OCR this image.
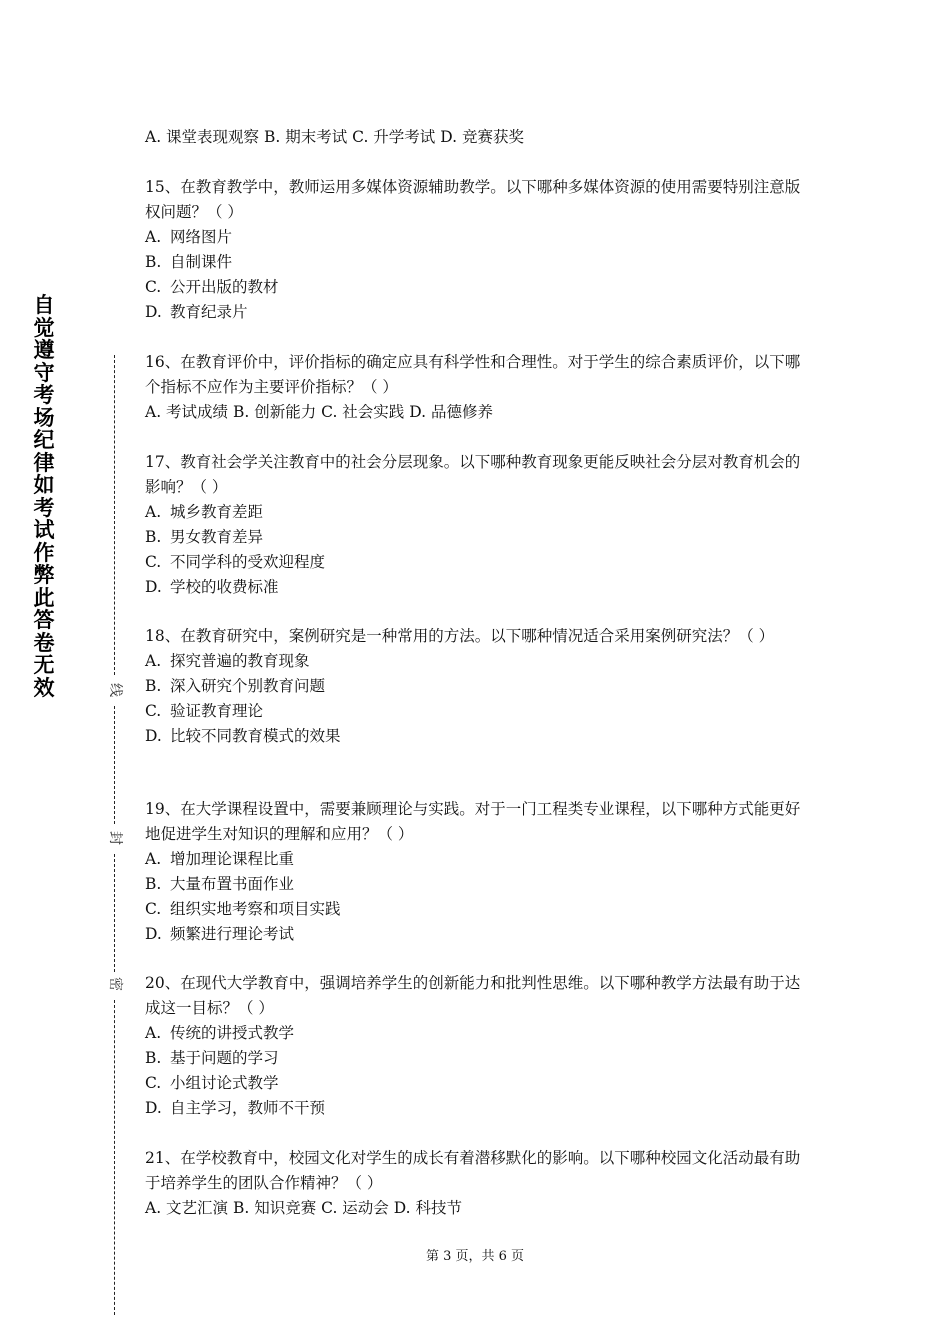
自
觉
遵
守
考
场
纪
律
如
考
试
作
弊
此
答
卷
无
效	线
封
密
A. 课堂表现观察 B. 期末考试 C. 升学考试 D. 竞赛获奖
15、在教育教学中，教师运用多媒体资源辅助教学。以下哪种多媒体资源的使用需要特别注意版权问题？（ ）
A. 网络图片
B. 自制课件
C. 公开出版的教材
D. 教育纪录片
16、在教育评价中，评价指标的确定应具有科学性和合理性。对于学生的综合素质评价，以下哪个指标不应作为主要评价指标？（ ）
A. 考试成绩 B. 创新能力 C. 社会实践 D. 品德修养
17、教育社会学关注教育中的社会分层现象。以下哪种教育现象更能反映社会分层对教育机会的影响？（ ）
A. 城乡教育差距
B. 男女教育差异
C. 不同学科的受欢迎程度
D. 学校的收费标准
18、在教育研究中，案例研究是一种常用的方法。以下哪种情况适合采用案例研究法？（ ）
A. 探究普遍的教育现象
B. 深入研究个别教育问题
C. 验证教育理论
D. 比较不同教育模式的效果
19、在大学课程设置中，需要兼顾理论与实践。对于一门工程类专业课程，以下哪种方式能更好地促进学生对知识的理解和应用？（ ）
A. 增加理论课程比重
B. 大量布置书面作业
C. 组织实地考察和项目实践
D. 频繁进行理论考试
20、在现代大学教育中，强调培养学生的创新能力和批判性思维。以下哪种教学方法最有助于达成这一目标？（ ）
A. 传统的讲授式教学
B. 基于问题的学习
C. 小组讨论式教学
D. 自主学习，教师不干预
21、在学校教育中，校园文化对学生的成长有着潜移默化的影响。以下哪种校园文化活动最有助于培养学生的团队合作精神？（ ）
A. 文艺汇演 B. 知识竞赛 C. 运动会 D. 科技节
第 3 页，共 6 页
